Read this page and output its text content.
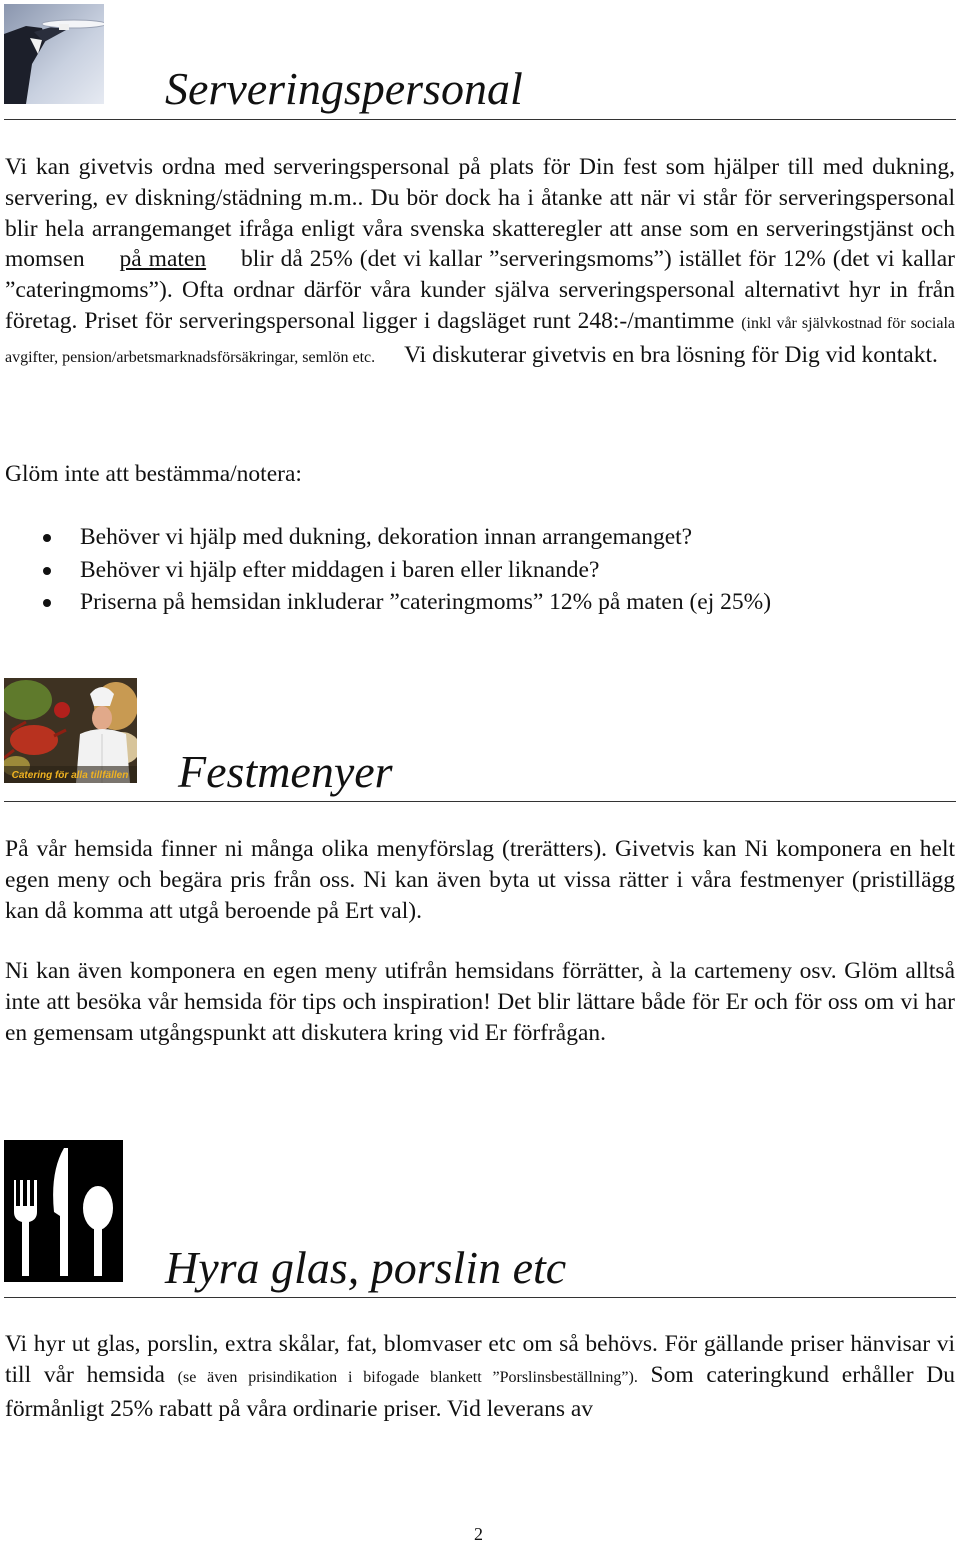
Serveringspersonal

Vi kan givetvis ordna med serveringspersonal på plats för Din fest som hjälper till med dukning, servering, ev diskning/städning m.m.. Du bör dock ha i åtanke att när vi står för serveringspersonal blir hela arrangemanget ifråga enligt våra svenska skatteregler att anse som en serveringstjänst och momsen på maten blir då 25% (det vi kallar ”serveringsmoms”) istället för 12% (det vi kallar ”cateringmoms”). Ofta ordnar därför våra kunder själva serveringspersonal alternativt hyr in från företag. Priset för serveringspersonal ligger i dagsläget runt 248:-/mantimme (inkl vår självkostnad för sociala avgifter, pension/arbetsmarknadsförsäkringar, semlön etc. Vi diskuterar givetvis en bra lösning för Dig vid kontakt.

Glöm inte att bestämma/notera:

Behöver vi hjälp med dukning, dekoration innan arrangemanget?
Behöver vi hjälp efter middagen i baren eller liknande?
Priserna på hemsidan inkluderar ”cateringmoms” 12% på maten (ej 25%)
Catering för alla tillfällen Festmenyer

På vår hemsida finner ni många olika menyförslag (trerätters). Givetvis kan Ni komponera en helt egen meny och begära pris från oss. Ni kan även byta ut vissa rätter i våra festmenyer (pristillägg kan då komma att utgå beroende på Ert val).

Ni kan även komponera en egen meny utifrån hemsidans förrätter, à la cartemeny osv. Glöm alltså inte att besöka vår hemsida för tips och inspiration! Det blir lättare både för Er och för oss om vi har en gemensam utgångspunkt att diskutera kring vid Er förfrågan.

Hyra glas, porslin etc

Vi hyr ut glas, porslin, extra skålar, fat, blomvaser etc om så behövs. För gällande priser hänvisar vi till vår hemsida (se även prisindikation i bifogade blankett ”Porslinsbeställning”). Som cateringkund erhåller Du förmånligt 25% rabatt på våra ordinarie priser. Vid leverans av

2
